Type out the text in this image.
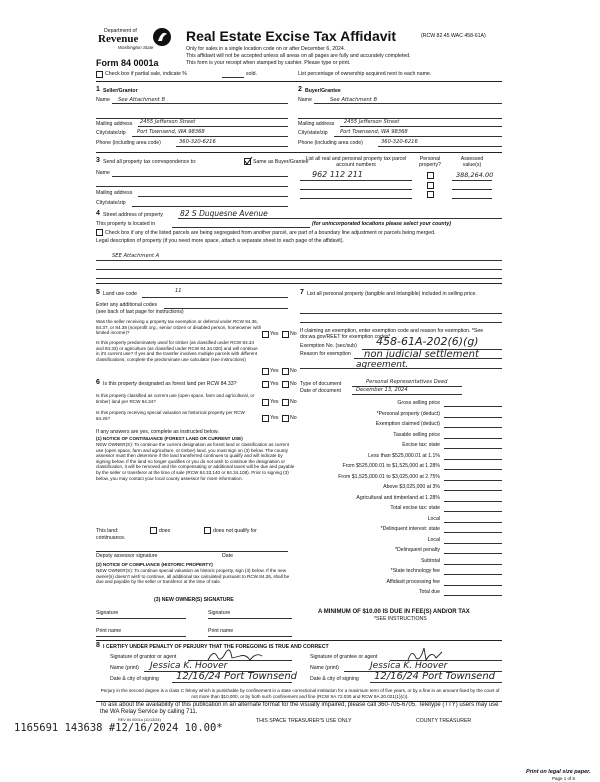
Department of
Revenue
Washington State
Form 84 0001a
Real Estate Excise Tax Affidavit	(RCW 82.45 WAC 458-61A)
Only for sales in a single location code on or after December 6, 2024.
This affidavit will not be accepted unless all areas on all pages are fully and accurately completed.
This form is your receipt when stamped by cashier. Please type or print.
Check box if partial sale, indicate %	sold.	List percentage of ownership acquired next to each name.
1 Seller/Grantor
Name See Attachment B
Mailing address 2455 Jefferson Street
City/state/zip Port Townsend, WA 98368
Phone (including area code)	360-320-6216
2 Buyer/Grantee
Name	See Attachment B
Mailing address 2455 Jefferson Street
City/state/zip Port Townsend, WA 98368
Phone (including area code)	360-320-6216
3 Send all property tax correspondence to:	Same as Buyer/Grantee
Name
Mailing address
City/state/zip
List all real and personal property tax parcel account numbers
Personal property?
Assessed value(s)
962 112 211	388,264.00
4 Street address of property 82 S Duquesne Avenue
This property is located in	(for unincorporated locations please select your county)
Check box if any of the listed parcels are being segregated from another parcel, are part of a boundary line adjustment or parcels being merged.
Legal description of property (if you need more space, attach a separate sheet to each page of the affidavit).
SEE Attachment A
5 Land use code	11
Enter any additional codes
(see back of last page for instructions)
Was the seller receiving a property tax exemption or deferral under RCW 84.36, 84.37, or 84.38 (nonprofit org., senior citizen or disabled person, homeowner with limited income)?	Yes No
Is this property predominately used for timber (as classified under RCW 84.34 and 84.33) or agriculture (as classified under RCW 84.34.020) and will continue in it's current use? If yes and the transfer involves multiple parcels with different classifications, complete the predominate use calculator (see instructions)
Yes No
6 Is this property designated as forest land per RCW 84.33?	Yes No
Is this property classified as current use (open space, farm and agricultural, or timber) land per RCW 84.34?	Yes No
Is this property receiving special valuation as historical property per RCW 84.26?	Yes No
If any answers are yes, complete as instructed below.
(1) NOTICE OF CONTINUANCE (FOREST LAND OR CURRENT USE)
NEW OWNER(S): To continue the current designation as forest land or classification as current use (open space, farm and agriculture, or timber) land, you must sign on (3) below. The county assessor must then determine if the land transferred continues to qualify and will indicate by signing below. If the land no longer qualifies or you do not wish to continue the designation or classification, it will be removed and the compensating or additional taxes will be due and payable by the seller or transferor at the time of sale (RCW 84.33.140 or 84.34.108). Prior to signing (3) below, you may contact your local county assessor for more information.
This land:	does	does not qualify for
continuance.
Deputy assessor signature	Date
(2) NOTICE OF COMPLIANCE (HISTORIC PROPERTY)
NEW OWNER(S): To continue special valuation as historic property, sign (3) below. If the new owner(s) doesn't wish to continue, all additional tax calculated pursuant to RCW 84.26, shall be due and payable by the seller or transferor at the time of sale.
(3) NEW OWNER(S) SIGNATURE
Signature	Signature
Print name	Print name
7 List all personal property (tangible and intangible) included in selling price.
If claiming an exemption, enter exemption code and reason for exemption. *See dor.wa.gov/REET for exemption codes*
Exemption No. (sec/sub) 458-61A-202(6)(g)
Reason for exemption non judicial settlement
agreement.
Type of document	Personal Representatives Deed
Date of document	December 13, 2024
Gross selling price
*Personal property (deduct)
Exemption claimed (deduct)
Taxable selling price
Excise tax: state
Less than $525,000.01 at 1.1%
From $525,000.01 to $1,525,000 at 1.28%
From $1,525,000.01 to $3,025,000 at 2.75%
Above $3,025,000 at 3%
Agricultural and timberland at 1.28%
Total excise tax: state
Local
*Delinquent interest: state
Local
*Delinquent penalty
Subtotal
*State technology fee
Affidavit processing fee
Total due
A MINIMUM OF $10.00 IS DUE IN FEE(S) AND/OR TAX
*SEE INSTRUCTIONS
8 I CERTIFY UNDER PENALTY OF PERJURY THAT THE FOREGOING IS TRUE AND CORRECT
Signature of grantor or agent
Name (print) Jessica K. Hoover
Date & city of signing 12/16/24 Port Townsend
Signature of grantee or agent
Name (print)	Jessica K. Hoover
Date & city of signing 12/16/24 Port Townsend
Perjury in the second degree is a class C felony which is punishable by confinement in a state correctional institution for a maximum term of five years, or by a fine in an amount fixed by the court of not more than $10,000, or by both such confinement and fine (RCW 9A.72.030 and RCW 9A.20.021(1)(c)).
To ask about the availability of this publication in an alternate format for the visually impaired, please call 360-705-6705. Teletype (TTY) users may use the WA Relay Service by calling 711.
REV 84 0001a (11/13/24)	THIS SPACE TREASURER'S USE ONLY	COUNTY TREASURER
1165691 143638 #12/16/2024 10.00*
Print on legal size paper.
Page 1 of 6
